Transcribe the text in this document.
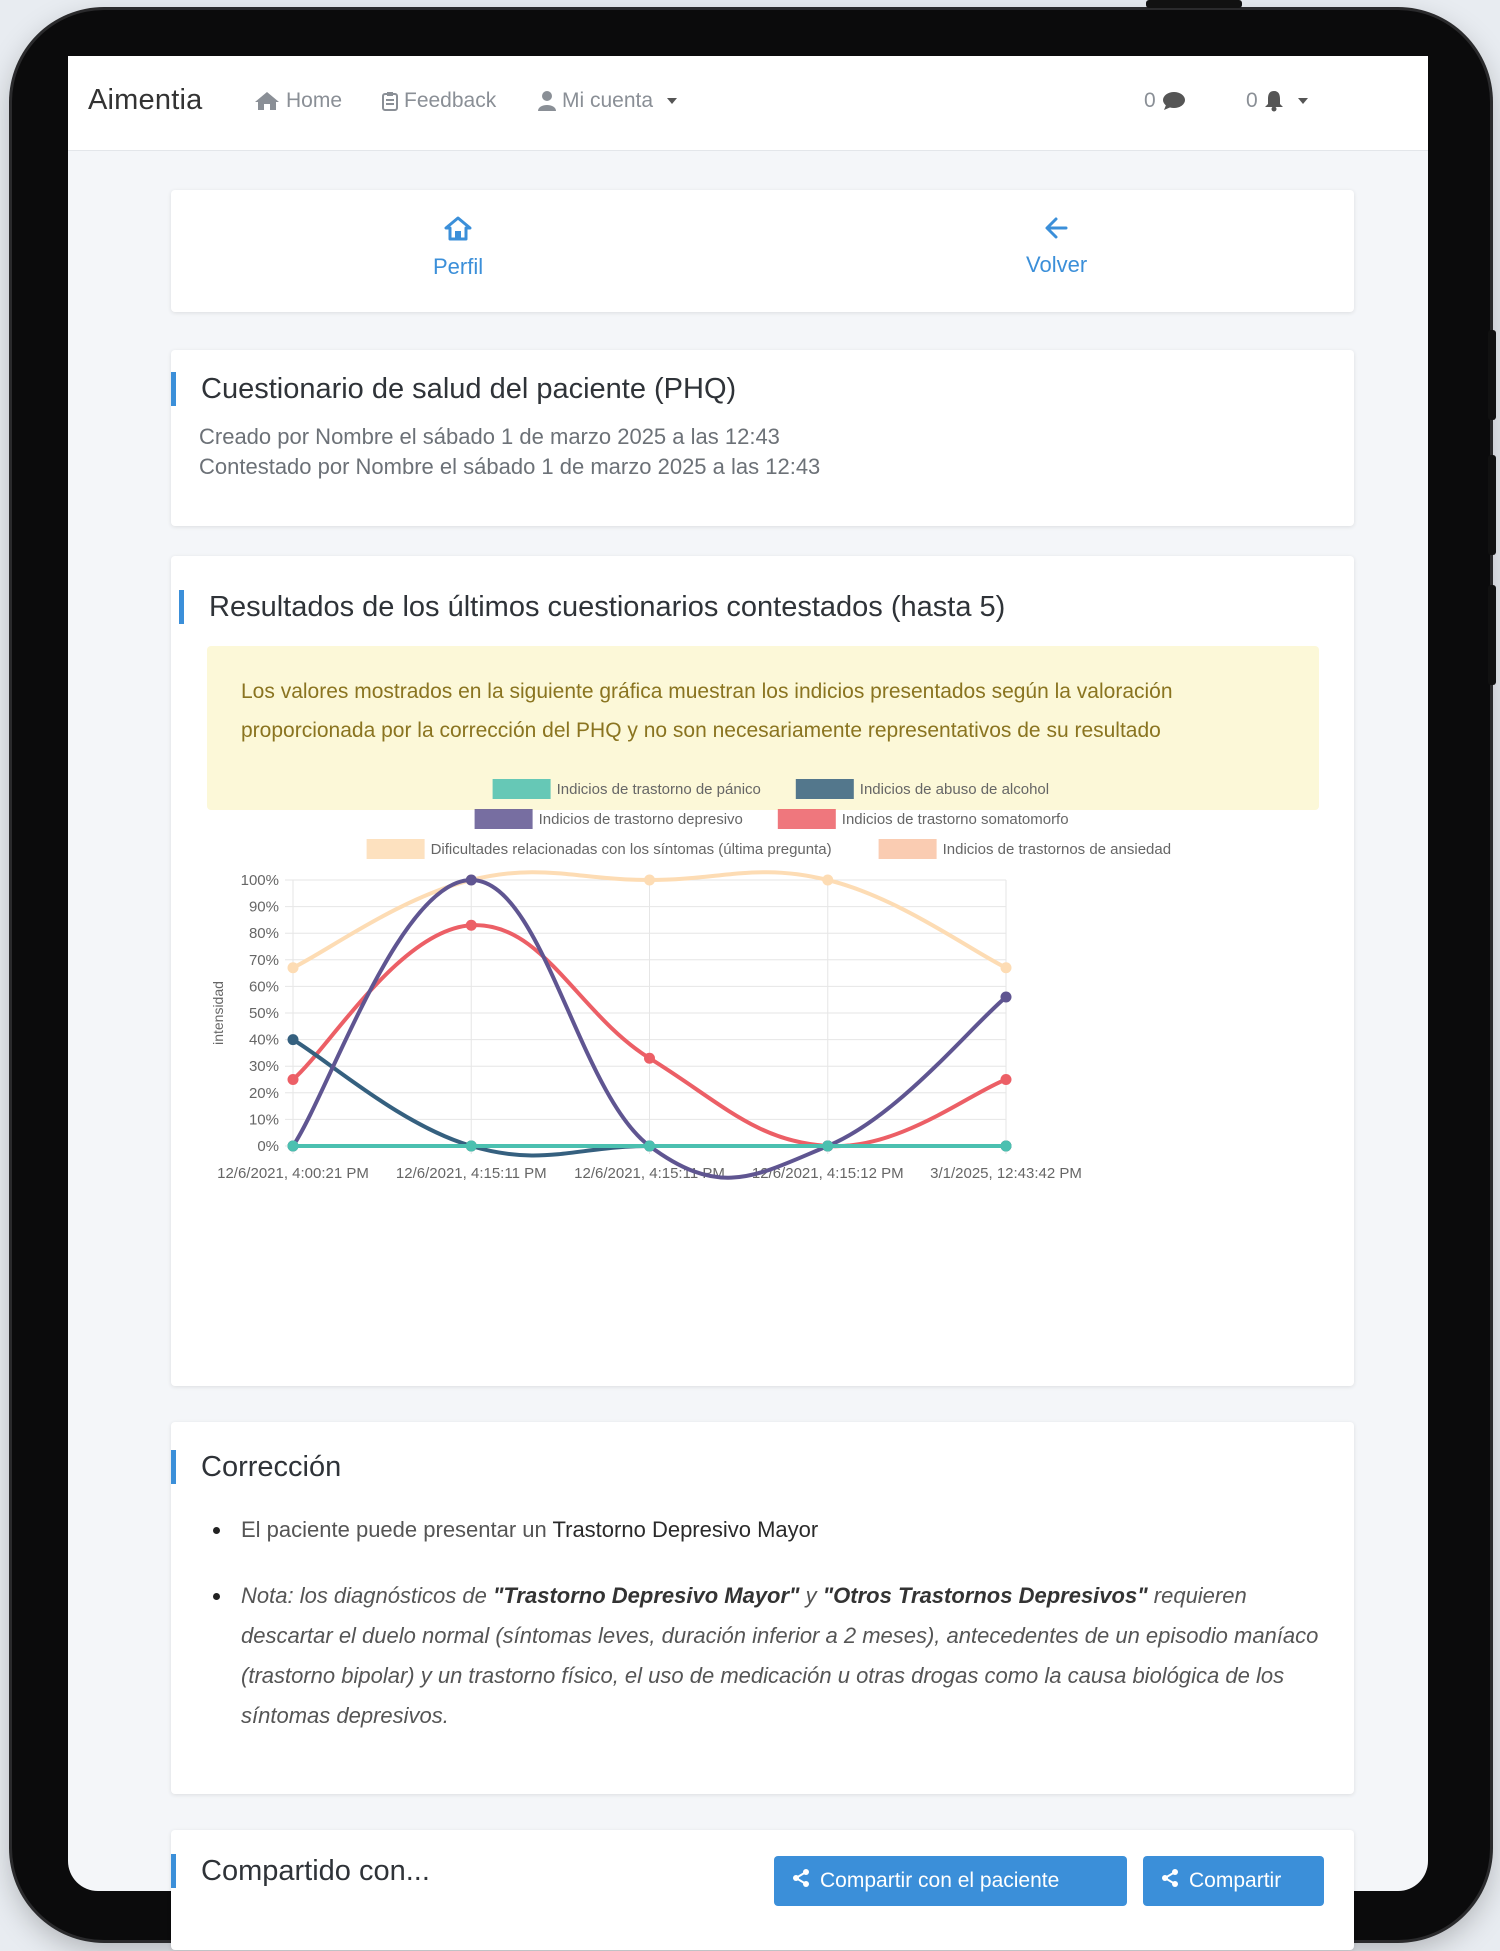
Aimentia	Home	Feedback	Mi cuenta	0	0
Perfil	Volver
Cuestionario de salud del paciente (PHQ)
Creado por Nombre el sábado 1 de marzo 2025 a las 12:43
Contestado por Nombre el sábado 1 de marzo 2025 a las 12:43
Resultados de los últimos cuestionarios contestados (hasta 5)
Los valores mostrados en la siguiente gráfica muestran los indicios presentados según la valoración proporcionada por la corrección del PHQ y no son necesariamente representativos de su resultado
Indicios de trastorno de pánico	Indicios de abuso de alcohol
Indicios de trastorno depresivo	Indicios de trastorno somatomorfo
Dificultades relacionadas con los síntomas (última pregunta)	Indicios de trastornos de ansiedad
0%
10%
20%
30%
40%
50%
60%
70%
80%
90%
100%
12/6/2021, 4:00:21 PM 12/6/2021, 4:15:11 PM 12/6/2021, 4:15:11 PM 12/6/2021, 4:15:12 PM 3/1/2025, 12:43:42 PM
intensidad
Corrección
El paciente puede presentar un Trastorno Depresivo Mayor
Nota: los diagnósticos de "Trastorno Depresivo Mayor" y "Otros Trastornos Depresivos" requieren descartar el duelo normal (síntomas leves, duración inferior a 2 meses), antecedentes de un episodio maníaco (trastorno bipolar) y un trastorno físico, el uso de medicación u otras drogas como la causa biológica de los síntomas depresivos.
Compartido con...	Compartir con el paciente	Compartir
